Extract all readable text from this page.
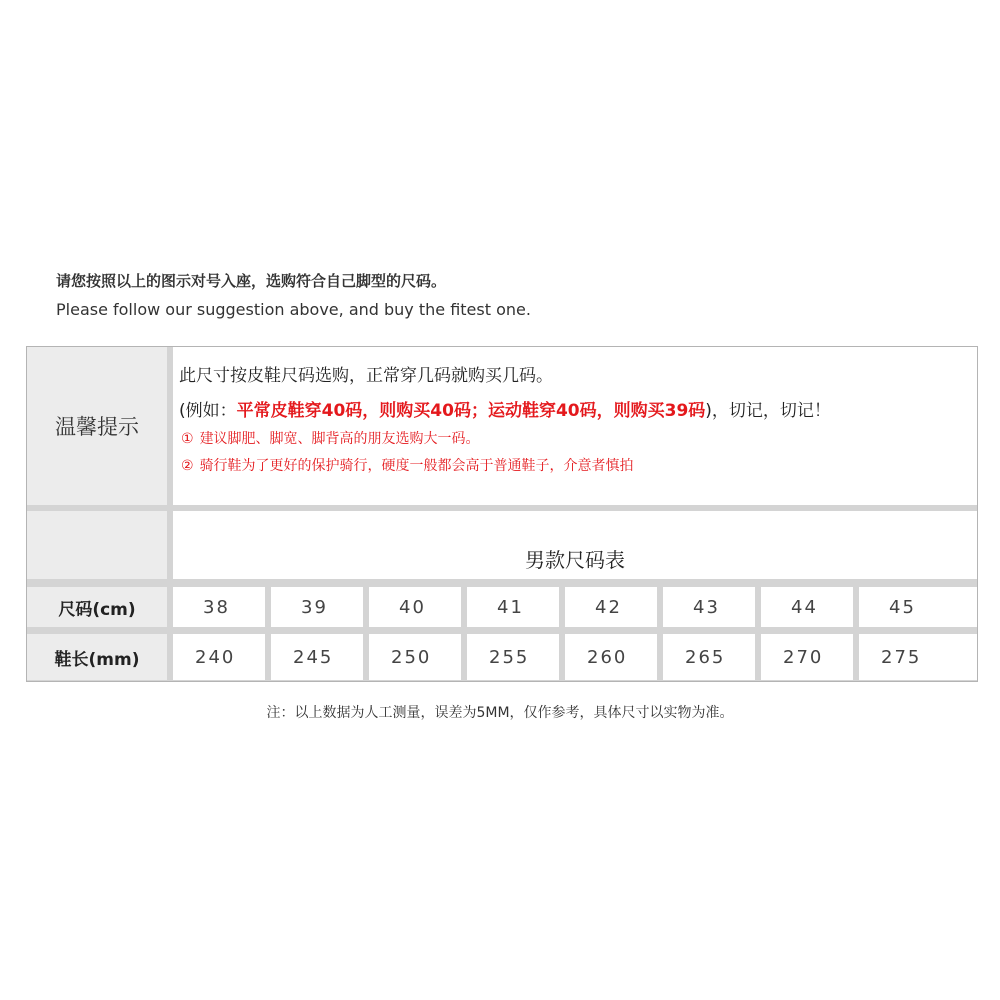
请您按照以上的图示对号入座，选购符合自己脚型的尺码。
Please follow our suggestion above, and buy the fitest one.
温馨提示
此尺寸按皮鞋尺码选购，正常穿几码就购买几码。
(例如：平常皮鞋穿40码，则购买40码；运动鞋穿40码，则购买39码)，切记，切记！
① 建议脚肥、脚宽、脚背高的朋友选购大一码。
② 骑行鞋为了更好的保护骑行，硬度一般都会高于普通鞋子，介意者慎拍
男款尺码表
尺码(cm)	38	39	40	41	42	43	44	45
鞋长(mm)	240	245	250	255	260	265	270	275
注：以上数据为人工测量，误差为5MM，仅作参考，具体尺寸以实物为准。
